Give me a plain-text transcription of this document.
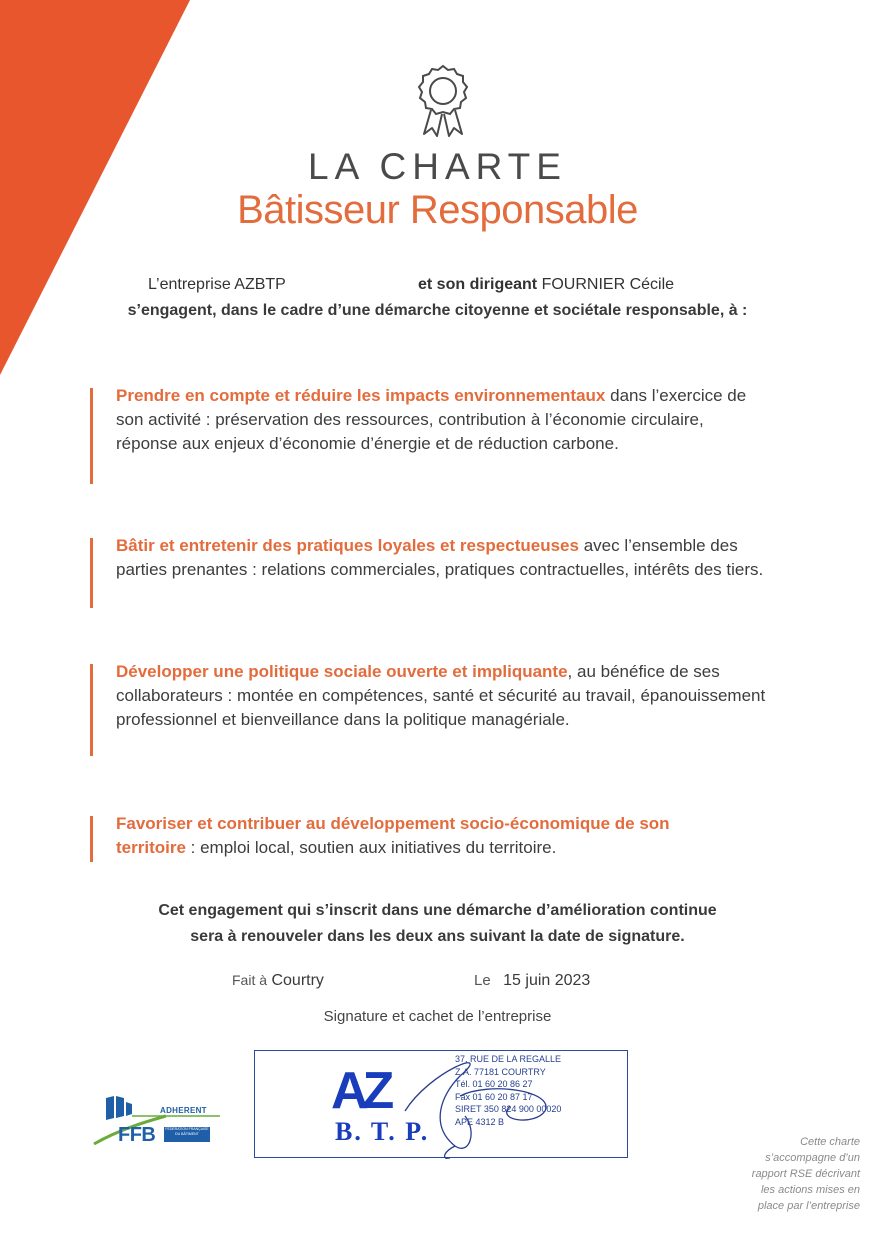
LA CHARTE
Bâtisseur Responsable
L’entreprise AZBTP	et son dirigeant FOURNIER Cécile
s’engagent, dans le cadre d’une démarche citoyenne et sociétale responsable, à :
Prendre en compte et réduire les impacts environnementaux dans l’exercice de son activité : préservation des ressources, contribution à l’économie circulaire, réponse aux enjeux d’économie d’énergie et de réduction carbone.
Bâtir et entretenir des pratiques loyales et respectueuses avec l’ensemble des parties prenantes : relations commerciales, pratiques contractuelles, intérêts des tiers.
Développer une politique sociale ouverte et impliquante, au bénéfice de ses collaborateurs : montée en compétences, santé et sécurité au travail, épanouissement professionnel et bienveillance dans la politique managériale.
Favoriser et contribuer au développement socio-économique de son territoire : emploi local, soutien aux initiatives du territoire.
Cet engagement qui s’inscrit dans une démarche d’amélioration continue
sera à renouveler dans les deux ans suivant la date de signature.
Fait à Courtry	Le 15 juin 2023
Signature et cachet de l’entreprise
AZ
B. T. P.
37, RUE DE LA REGALLE
Z.A. 77181 COURTRY
Tél. 01 60 20 86 27
Fax 01 60 20 87 17
SIRET 350 824 900 00020
APE 4312 B
ADHERENT
FFB	FÉDÉRATION FRANÇAISE DU BÂTIMENT
Cette charte
s’accompagne d’un
rapport RSE décrivant
les actions mises en
place par l’entreprise
